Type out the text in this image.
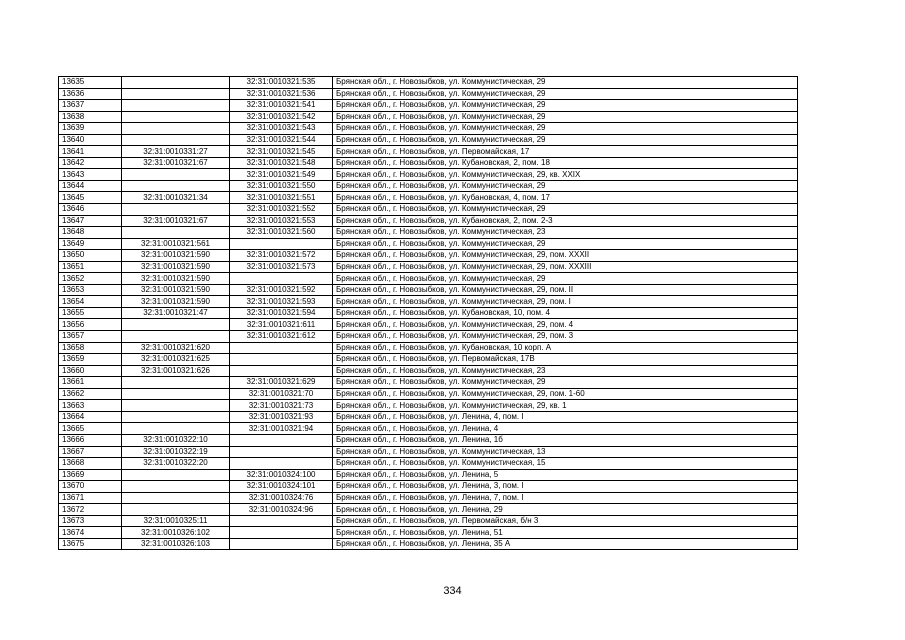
13635		32:31:0010321:535	Брянская обл., г. Новозыбков, ул. Коммунистическая, 29
13636		32:31:0010321:536	Брянская обл., г. Новозыбков, ул. Коммунистическая, 29
13637		32:31:0010321:541	Брянская обл., г. Новозыбков, ул. Коммунистическая, 29
13638		32:31:0010321:542	Брянская обл., г. Новозыбков, ул. Коммунистическая, 29
13639		32:31:0010321:543	Брянская обл., г. Новозыбков, ул. Коммунистическая, 29
13640		32:31:0010321:544	Брянская обл., г. Новозыбков, ул. Коммунистическая, 29
13641	32:31:0010331:27	32:31:0010321:545	Брянская обл., г. Новозыбков, ул. Первомайская, 17
13642	32:31:0010321:67	32:31:0010321:548	Брянская обл., г. Новозыбков, ул. Кубановская, 2, пом. 18
13643		32:31:0010321:549	Брянская обл., г. Новозыбков, ул. Коммунистическая, 29, кв. XXIX
13644		32:31:0010321:550	Брянская обл., г. Новозыбков, ул. Коммунистическая, 29
13645	32:31:0010321:34	32:31:0010321:551	Брянская обл., г. Новозыбков, ул. Кубановская, 4, пом. 17
13646		32:31:0010321:552	Брянская обл., г. Новозыбков, ул. Коммунистическая, 29
13647	32:31:0010321:67	32:31:0010321:553	Брянская обл., г. Новозыбков, ул. Кубановская, 2, пом. 2-3
13648		32:31:0010321:560	Брянская обл., г. Новозыбков, ул. Коммунистическая, 23
13649	32:31:0010321:561		Брянская обл., г. Новозыбков, ул. Коммунистическая, 29
13650	32:31:0010321:590	32:31:0010321:572	Брянская обл., г. Новозыбков, ул. Коммунистическая, 29, пом. XXXII
13651	32:31:0010321:590	32:31:0010321:573	Брянская обл., г. Новозыбков, ул. Коммунистическая, 29, пом. XXXIII
13652	32:31:0010321:590		Брянская обл., г. Новозыбков, ул. Коммунистическая, 29
13653	32:31:0010321:590	32:31:0010321:592	Брянская обл., г. Новозыбков, ул. Коммунистическая, 29, пом. II
13654	32:31:0010321:590	32:31:0010321:593	Брянская обл., г. Новозыбков, ул. Коммунистическая, 29, пом. I
13655	32:31:0010321:47	32:31:0010321:594	Брянская обл., г. Новозыбков, ул. Кубановская, 10, пом. 4
13656		32:31:0010321:611	Брянская обл., г. Новозыбков, ул. Коммунистическая, 29, пом. 4
13657		32:31:0010321:612	Брянская обл., г. Новозыбков, ул. Коммунистическая, 29, пом. 3
13658	32:31:0010321:620		Брянская обл., г. Новозыбков, ул. Кубановская, 10 корп. А
13659	32:31:0010321:625		Брянская обл., г. Новозыбков, ул. Первомайская, 17В
13660	32:31:0010321:626		Брянская обл., г. Новозыбков, ул. Коммунистическая, 23
13661		32:31:0010321:629	Брянская обл., г. Новозыбков, ул. Коммунистическая, 29
13662		32:31:0010321:70	Брянская обл., г. Новозыбков, ул. Коммунистическая, 29, пом. 1-60
13663		32:31:0010321:73	Брянская обл., г. Новозыбков, ул. Коммунистическая, 29, кв. 1
13664		32:31:0010321:93	Брянская обл., г. Новозыбков, ул. Ленина, 4, пом. I
13665		32:31:0010321:94	Брянская обл., г. Новозыбков, ул. Ленина, 4
13666	32:31:0010322:10		Брянская обл., г. Новозыбков, ул. Ленина, 1б
13667	32:31:0010322:19		Брянская обл., г. Новозыбков, ул. Коммунистическая, 13
13668	32:31:0010322:20		Брянская обл., г. Новозыбков, ул. Коммунистическая, 15
13669		32:31:0010324:100	Брянская обл., г. Новозыбков, ул. Ленина, 5
13670		32:31:0010324:101	Брянская обл., г. Новозыбков, ул. Ленина, 3, пом. I
13671		32:31:0010324:76	Брянская обл., г. Новозыбков, ул. Ленина, 7, пом. I
13672		32:31:0010324:96	Брянская обл., г. Новозыбков, ул. Ленина, 29
13673	32:31:0010325:11		Брянская обл., г. Новозыбков, ул. Первомайская, б/н 3
13674	32:31:0010326:102		Брянская обл., г. Новозыбков, ул. Ленина, 51
13675	32:31:0010326:103		Брянская обл., г. Новозыбков, ул. Ленина, 35 А
334
